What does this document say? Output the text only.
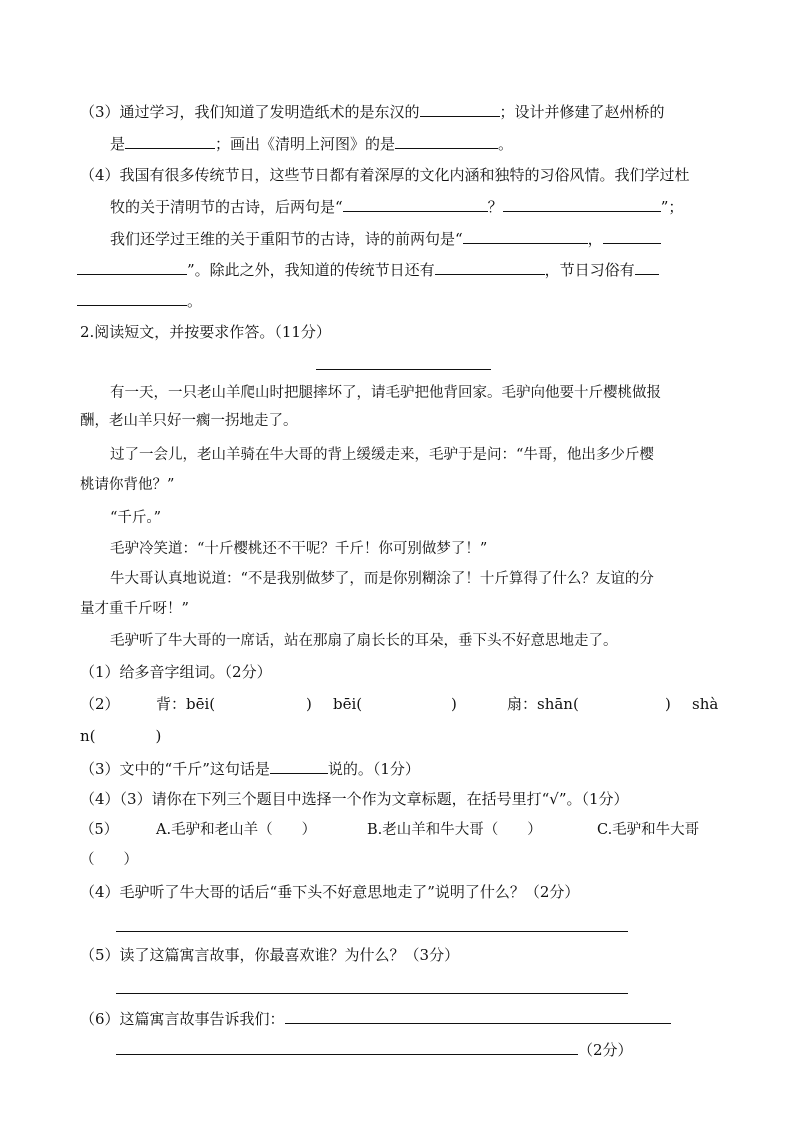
（3）通过学习，我们知道了发明造纸术的是东汉的	；设计并修建了赵州桥的
是	；画出《清明上河图》的是	。
（4）我国有很多传统节日，这些节日都有着深厚的文化内涵和独特的习俗风情。我们学过杜
牧的关于清明节的古诗，后两句是“	？	”；
我们还学过王维的关于重阳节的古诗，诗的前两句是“	，
”。除此之外，我知道的传统节日还有	，节日习俗有
。
2.阅读短文，并按要求作答。（11分）
有一天，一只老山羊爬山时把腿摔坏了，请毛驴把他背回家。毛驴向他要十斤樱桃做报
酬，老山羊只好一瘸一拐地走了。
过了一会儿，老山羊骑在牛大哥的背上缓缓走来，毛驴于是问：“牛哥，他出多少斤樱
桃请你背他？”
“千斤。”
毛驴冷笑道：“十斤樱桃还不干呢？千斤！你可别做梦了！”
牛大哥认真地说道：“不是我别做梦了，而是你别糊涂了！十斤算得了什么？友谊的分
量才重千斤呀！”
毛驴听了牛大哥的一席话，站在那扇了扇长长的耳朵，垂下头不好意思地走了。
（1）给多音字组词。（2分）
（2） 背：bēi(	) bēi(	)	扇：shān(	) shà
n(	)
（3）文中的“千斤”这句话是	说的。（1分）
（4）（3）请你在下列三个题目中选择一个作为文章标题，在括号里打“√”。（1分）
（5）	A.毛驴和老山羊（　　）	B.老山羊和牛大哥（　　）	C.毛驴和牛大哥
（　　）
（4）毛驴听了牛大哥的话后“垂下头不好意思地走了”说明了什么？（2分）
（5）读了这篇寓言故事，你最喜欢谁？为什么？（3分）
（6）这篇寓言故事告诉我们：
（2分）
